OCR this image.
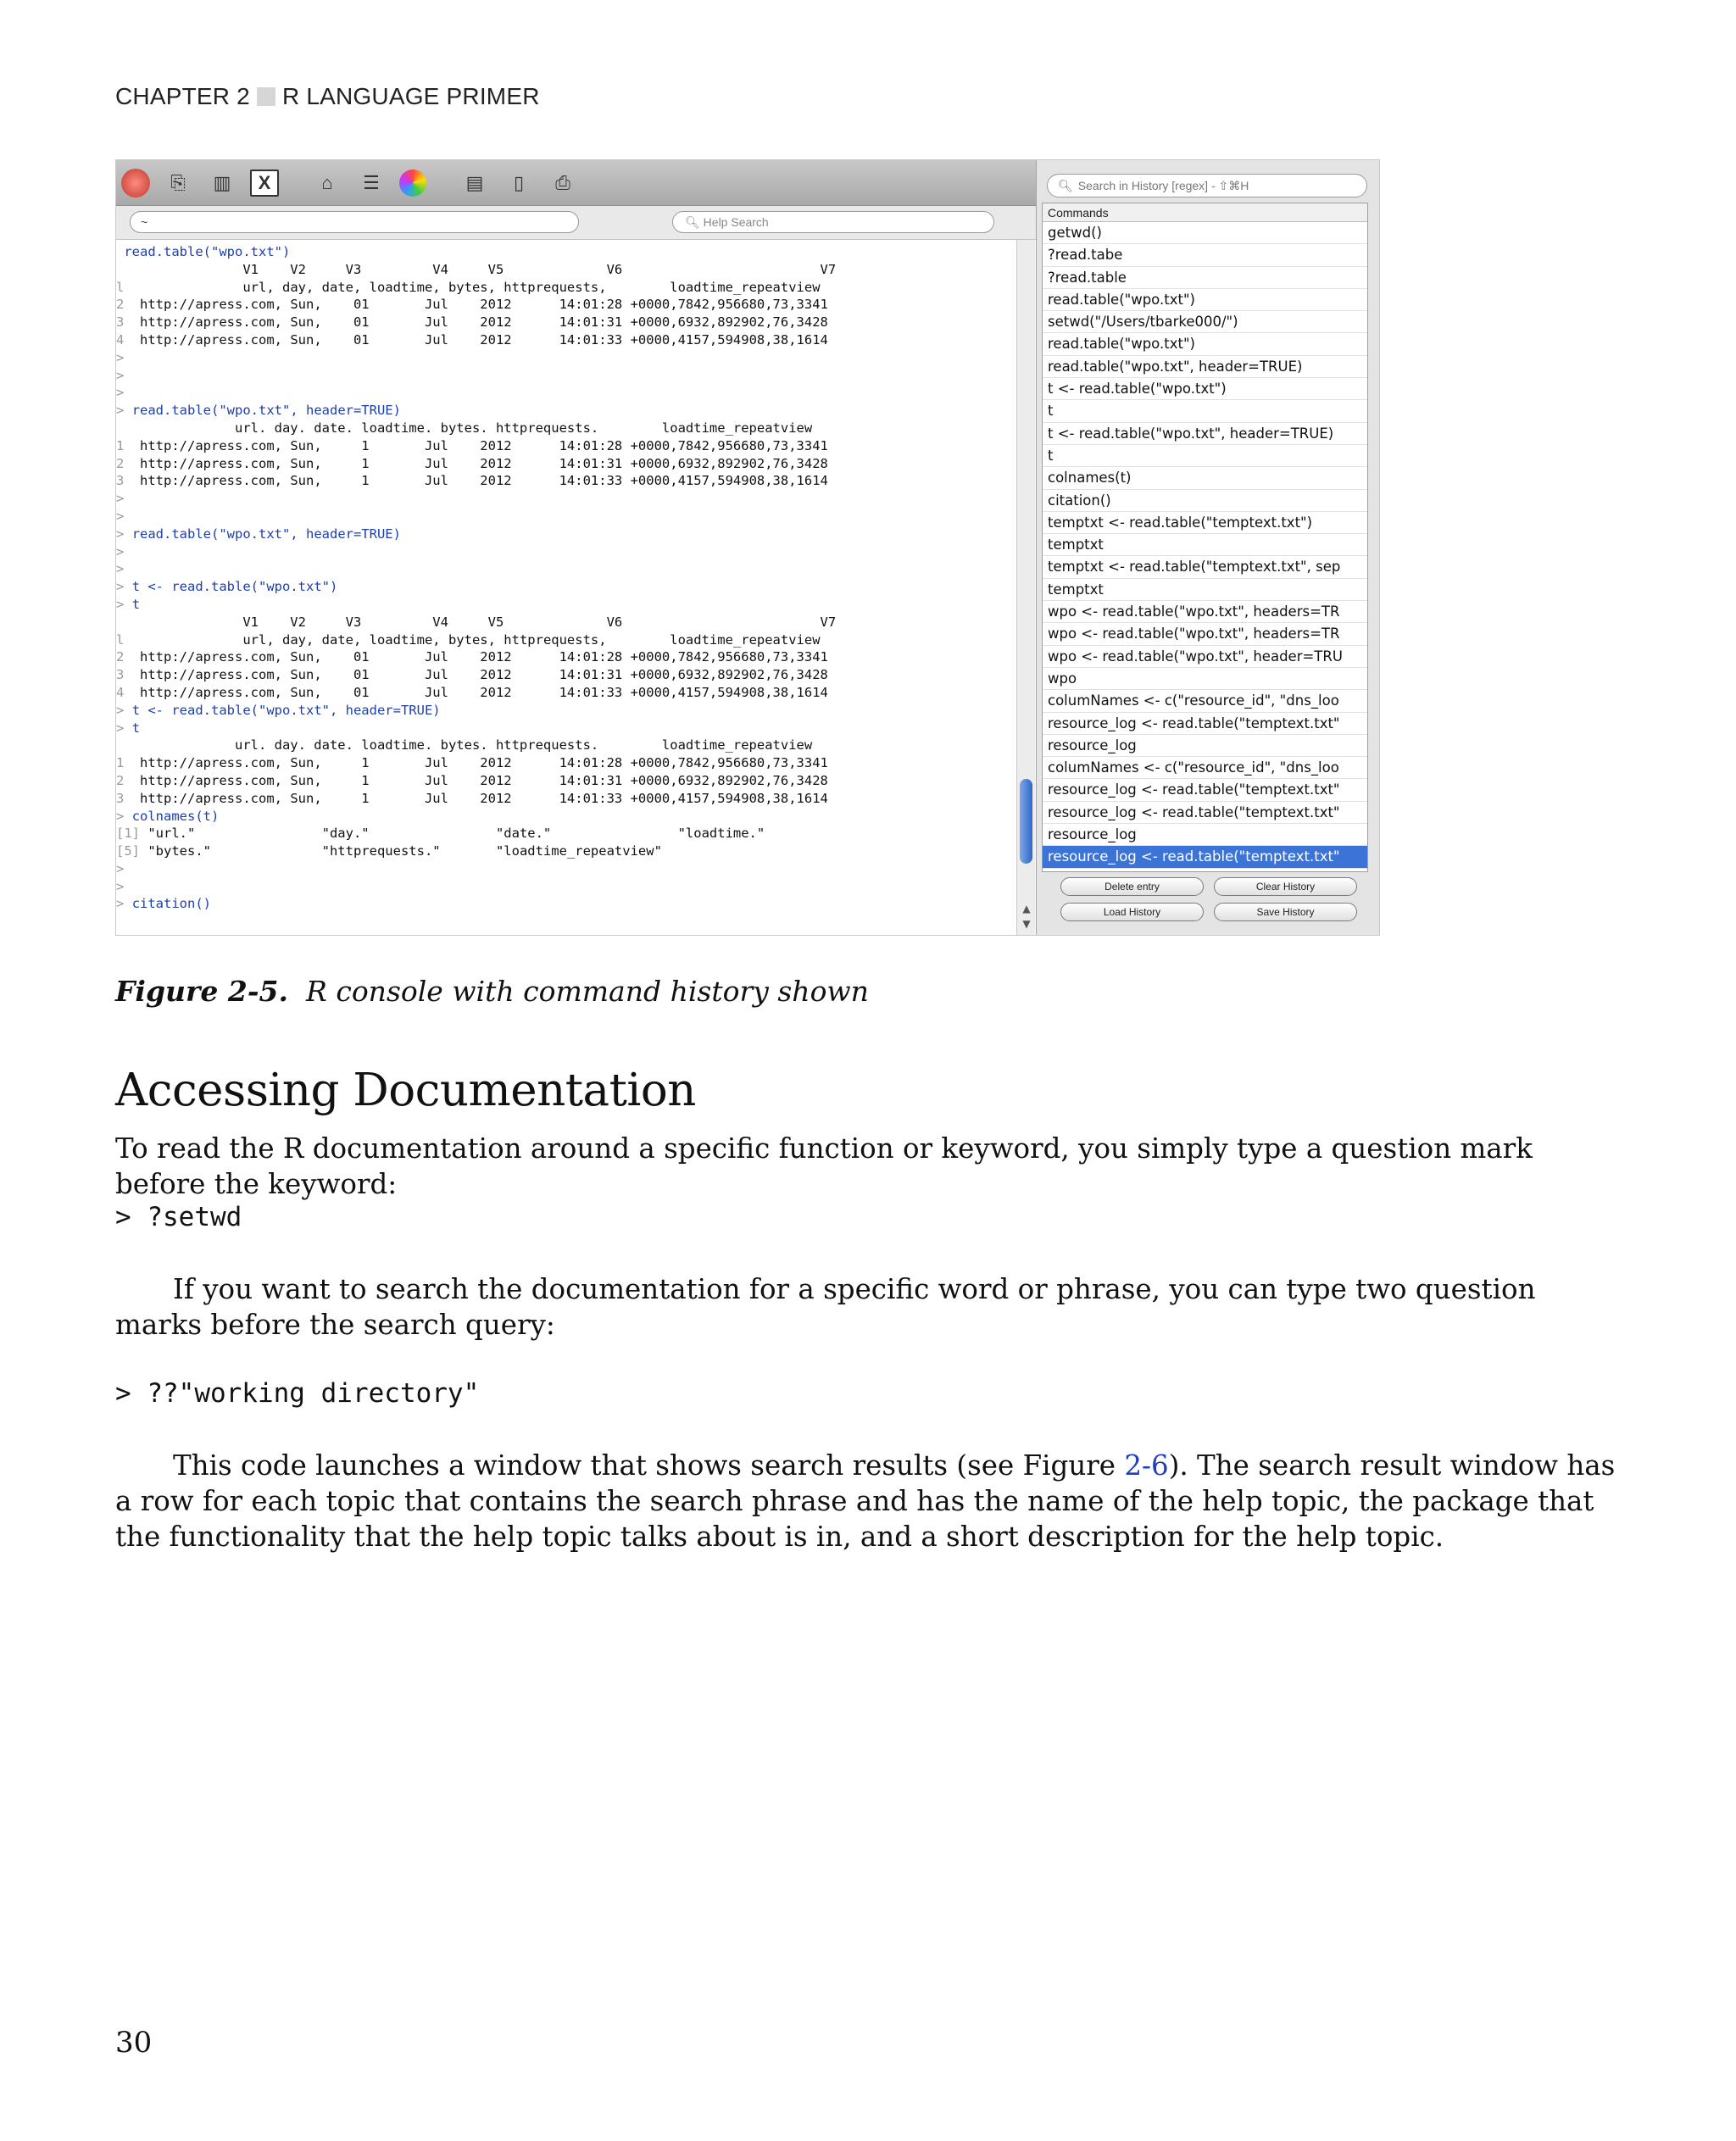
CHAPTER 2 R LANGUAGE PRIMER
⎘	▥	X	⌂	☰	▤	▯	⎙
~	🔍︎ Help Search
read.table("wpo.txt")
V1    V2     V3         V4     V5             V6                         V7
l               url, day, date, loadtime, bytes, httprequests,        loadtime_repeatview
2  http://apress.com, Sun,    01       Jul    2012      14:01:28 +0000,7842,956680,73,3341
3  http://apress.com, Sun,    01       Jul    2012      14:01:31 +0000,6932,892902,76,3428
4  http://apress.com, Sun,    01       Jul    2012      14:01:33 +0000,4157,594908,38,1614
>
>
>
> read.table("wpo.txt", header=TRUE)
url. day. date. loadtime. bytes. httprequests.        loadtime_repeatview
1  http://apress.com, Sun,     1       Jul    2012      14:01:28 +0000,7842,956680,73,3341
2  http://apress.com, Sun,     1       Jul    2012      14:01:31 +0000,6932,892902,76,3428
3  http://apress.com, Sun,     1       Jul    2012      14:01:33 +0000,4157,594908,38,1614
>
>
> read.table("wpo.txt", header=TRUE)
>
>
> t <- read.table("wpo.txt")
> t
V1    V2     V3         V4     V5             V6                         V7
l               url, day, date, loadtime, bytes, httprequests,        loadtime_repeatview
2  http://apress.com, Sun,    01       Jul    2012      14:01:28 +0000,7842,956680,73,3341
3  http://apress.com, Sun,    01       Jul    2012      14:01:31 +0000,6932,892902,76,3428
4  http://apress.com, Sun,    01       Jul    2012      14:01:33 +0000,4157,594908,38,1614
> t <- read.table("wpo.txt", header=TRUE)
> t
url. day. date. loadtime. bytes. httprequests.        loadtime_repeatview
1  http://apress.com, Sun,     1       Jul    2012      14:01:28 +0000,7842,956680,73,3341
2  http://apress.com, Sun,     1       Jul    2012      14:01:31 +0000,6932,892902,76,3428
3  http://apress.com, Sun,     1       Jul    2012      14:01:33 +0000,4157,594908,38,1614
> colnames(t)
[1] "url."                "day."                "date."                "loadtime."
[5] "bytes."              "httprequests."       "loadtime_repeatview"
>
>
> citation()	▲
▼
🔍︎ Search in History [regex] - ⇧⌘H
Commands
getwd()
?read.tabe
?read.table
read.table("wpo.txt")
setwd("/Users/tbarke000/")
read.table("wpo.txt")
read.table("wpo.txt", header=TRUE)
t <- read.table("wpo.txt")
t
t <- read.table("wpo.txt", header=TRUE)
t
colnames(t)
citation()
temptxt <- read.table("temptext.txt")
temptxt
temptxt <- read.table("temptext.txt", sep
temptxt
wpo <- read.table("wpo.txt", headers=TR
wpo <- read.table("wpo.txt", headers=TR
wpo <- read.table("wpo.txt", header=TRU
wpo
columNames <- c("resource_id", "dns_loo
resource_log <- read.table("temptext.txt"
resource_log
columNames <- c("resource_id", "dns_loo
resource_log <- read.table("temptext.txt"
resource_log <- read.table("temptext.txt"
resource_log
resource_log <- read.table("temptext.txt"
Delete entry	Clear History
Load History	Save History
Figure 2-5. R console with command history shown
Accessing Documentation
To read the R documentation around a specific function or keyword, you simply type a question mark before the keyword:
> ?setwd
If you want to search the documentation for a specific word or phrase, you can type two question marks before the search query:
> ??"working directory"
This code launches a window that shows search results (see Figure 2-6). The search result window has a row for each topic that contains the search phrase and has the name of the help topic, the package that the functionality that the help topic talks about is in, and a short description for the help topic.
30
